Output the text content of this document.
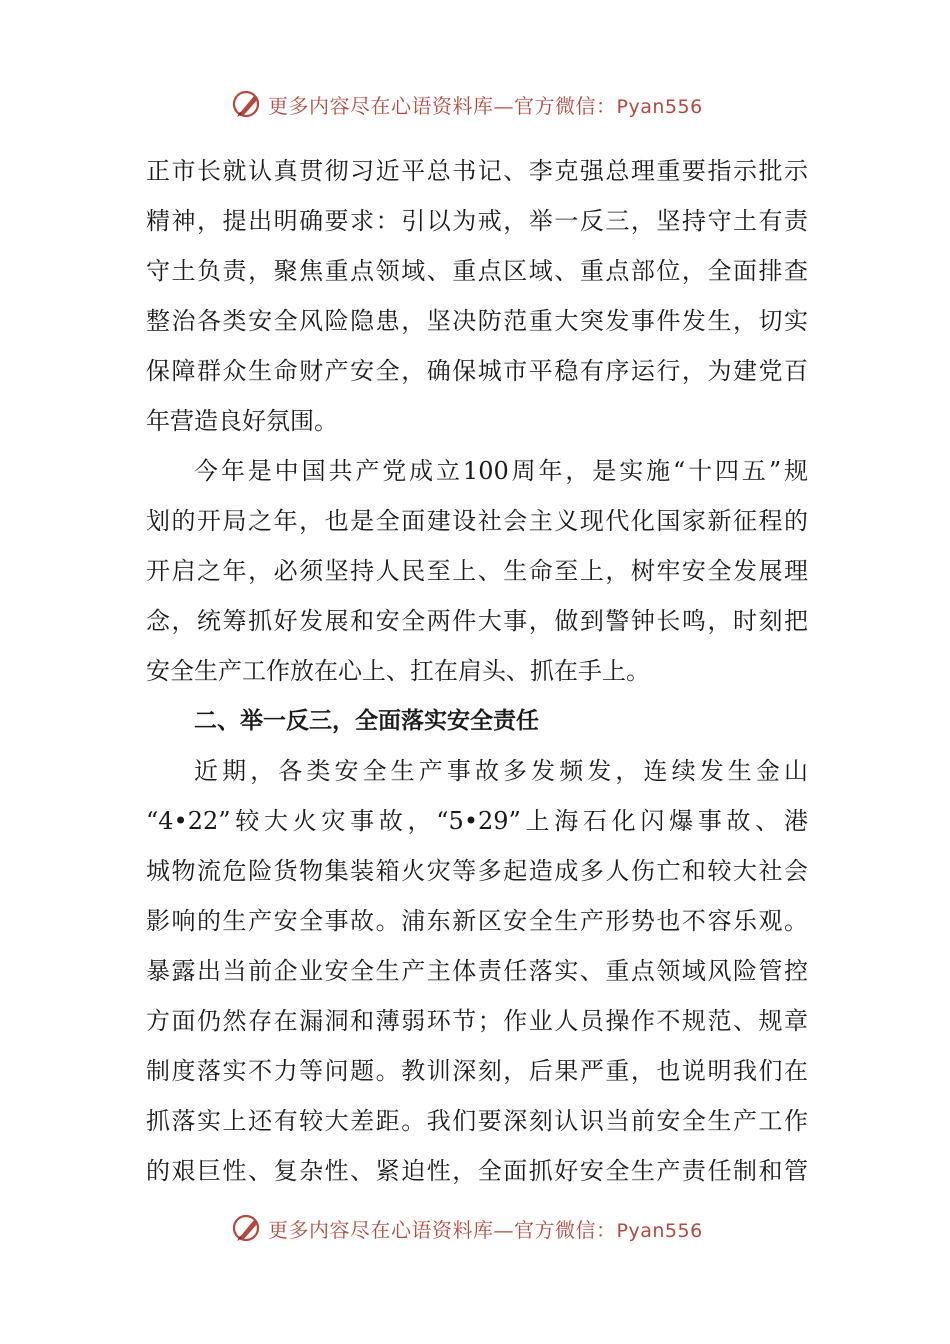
更多内容尽在心语资料库—官方微信：Pyan556
正市长就认真贯彻习近平总书记、李克强总理重要指示批示
精神，提出明确要求：引以为戒，举一反三，坚持守土有责
守土负责，聚焦重点领域、重点区域、重点部位，全面排查
整治各类安全风险隐患，坚决防范重大突发事件发生，切实
保障群众生命财产安全，确保城市平稳有序运行，为建党百
年营造良好氛围。
今年是中国共产党成立100周年，是实施“十四五”规
划的开局之年，也是全面建设社会主义现代化国家新征程的
开启之年，必须坚持人民至上、生命至上，树牢安全发展理
念，统筹抓好发展和安全两件大事，做到警钟长鸣，时刻把
安全生产工作放在心上、扛在肩头、抓在手上。
二、举一反三，全面落实安全责任
近期，各类安全生产事故多发频发，连续发生金山
“4•22”较大火灾事故，“5•29”上海石化闪爆事故、港
城物流危险货物集装箱火灾等多起造成多人伤亡和较大社会
影响的生产安全事故。浦东新区安全生产形势也不容乐观。
暴露出当前企业安全生产主体责任落实、重点领域风险管控
方面仍然存在漏洞和薄弱环节；作业人员操作不规范、规章
制度落实不力等问题。教训深刻，后果严重，也说明我们在
抓落实上还有较大差距。我们要深刻认识当前安全生产工作
的艰巨性、复杂性、紧迫性，全面抓好安全生产责任制和管
更多内容尽在心语资料库—官方微信：Pyan556
